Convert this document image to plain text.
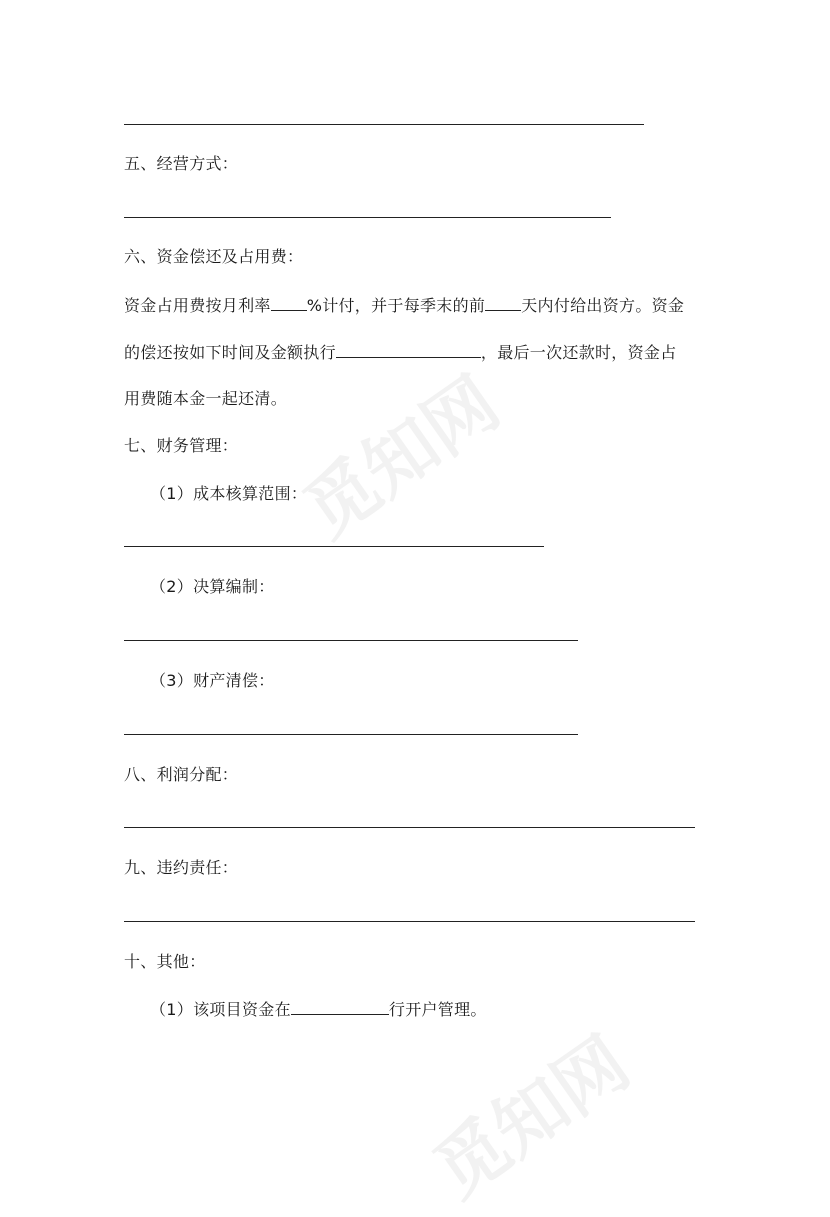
觅知网
觅知网
五、经营方式：
六、资金偿还及占用费：
资金占用费按月利率 %计付，并于每季末的前 天内付给出资方。资金
的偿还按如下时间及金额执行	，最后一次还款时，资金占
用费随本金一起还清。
七、财务管理：
（1）成本核算范围：
（2）决算编制：
（3）财产清偿：
八、利润分配：
九、违约责任：
十、其他：
（1）该项目资金在	行开户管理。
